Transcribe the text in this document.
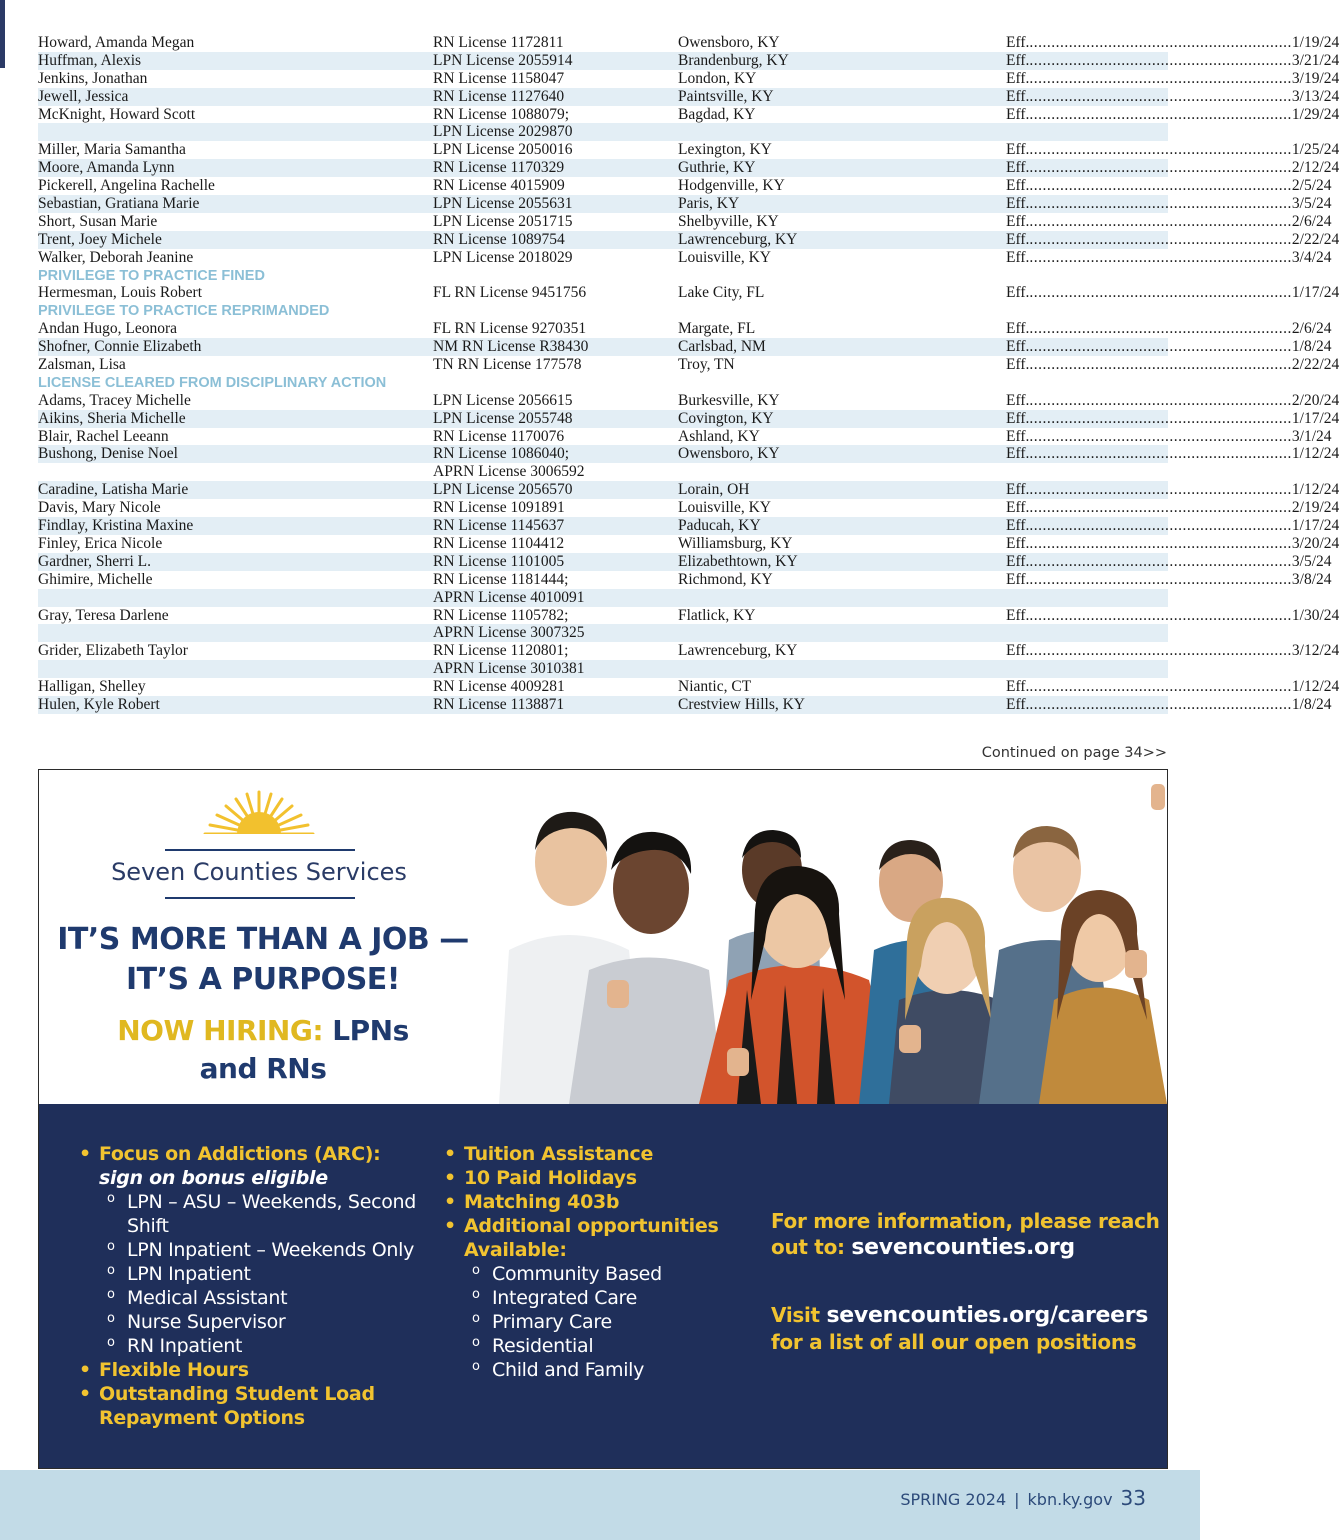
Howard, Amanda Megan	RN License 1172811	Owensboro, KY	Eff. ............................................................ 1/19/24
Huffman, Alexis	LPN License 2055914	Brandenburg, KY	Eff. ............................................................ 3/21/24
Jenkins, Jonathan	RN License 1158047	London, KY	Eff. ............................................................ 3/19/24
Jewell, Jessica	RN License 1127640	Paintsville, KY	Eff. ............................................................ 3/13/24
McKnight, Howard Scott	RN License 1088079;	Bagdad, KY	Eff. ............................................................ 1/29/24
LPN License 2029870
Miller, Maria Samantha	LPN License 2050016	Lexington, KY	Eff. ............................................................ 1/25/24
Moore, Amanda Lynn	RN License 1170329	Guthrie, KY	Eff. ............................................................ 2/12/24
Pickerell, Angelina Rachelle	RN License 4015909	Hodgenville, KY	Eff. ............................................................ 2/5/24
Sebastian, Gratiana Marie	LPN License 2055631	Paris, KY	Eff. ............................................................ 3/5/24
Short, Susan Marie	LPN License 2051715	Shelbyville, KY	Eff. ............................................................ 2/6/24
Trent, Joey Michele	RN License 1089754	Lawrenceburg, KY	Eff. ............................................................ 2/22/24
Walker, Deborah Jeanine	LPN License 2018029	Louisville, KY	Eff. ............................................................ 3/4/24
PRIVILEGE TO PRACTICE FINED
Hermesman, Louis Robert	FL RN License 9451756	Lake City, FL	Eff. ............................................................ 1/17/24
PRIVILEGE TO PRACTICE REPRIMANDED
Andan Hugo, Leonora	FL RN License 9270351	Margate, FL	Eff. ............................................................ 2/6/24
Shofner, Connie Elizabeth	NM RN License R38430	Carlsbad, NM	Eff. ............................................................ 1/8/24
Zalsman, Lisa	TN RN License 177578	Troy, TN	Eff. ............................................................ 2/22/24
LICENSE CLEARED FROM DISCIPLINARY ACTION
Adams, Tracey Michelle	LPN License 2056615	Burkesville, KY	Eff. ............................................................ 2/20/24
Aikins, Sheria Michelle	LPN License 2055748	Covington, KY	Eff. ............................................................ 1/17/24
Blair, Rachel Leeann	RN License 1170076	Ashland, KY	Eff. ............................................................ 3/1/24
Bushong, Denise Noel	RN License 1086040;	Owensboro, KY	Eff. ............................................................ 1/12/24
APRN License 3006592
Caradine, Latisha Marie	LPN License 2056570	Lorain, OH	Eff. ............................................................ 1/12/24
Davis, Mary Nicole	RN License 1091891	Louisville, KY	Eff. ............................................................ 2/19/24
Findlay, Kristina Maxine	RN License 1145637	Paducah, KY	Eff. ............................................................ 1/17/24
Finley, Erica Nicole	RN License 1104412	Williamsburg, KY	Eff. ............................................................ 3/20/24
Gardner, Sherri L.	RN License 1101005	Elizabethtown, KY	Eff. ............................................................ 3/5/24
Ghimire, Michelle	RN License 1181444;	Richmond, KY	Eff. ............................................................ 3/8/24
APRN License 4010091
Gray, Teresa Darlene	RN License 1105782;	Flatlick, KY	Eff. ............................................................ 1/30/24
APRN License 3007325
Grider, Elizabeth Taylor	RN License 1120801;	Lawrenceburg, KY	Eff. ............................................................ 3/12/24
APRN License 3010381
Halligan, Shelley	RN License 4009281	Niantic, CT	Eff. ............................................................ 1/12/24
Hulen, Kyle Robert	RN License 1138871	Crestview Hills, KY	Eff. ............................................................ 1/8/24
Continued on page 34>>
Seven Counties Services
IT’S MORE THAN A JOB —
IT’S A PURPOSE!
NOW HIRING: LPNs
and RNs
• Focus on Addictions (ARC): sign on bonus eligible
o LPN – ASU – Weekends, Second Shift
o LPN Inpatient – Weekends Only
o LPN Inpatient
o Medical Assistant
o Nurse Supervisor
o RN Inpatient
• Flexible Hours
• Outstanding Student Load Repayment Options
• Tuition Assistance
• 10 Paid Holidays
• Matching 403b
• Additional opportunities Available:
o Community Based
o Integrated Care
o Primary Care
o Residential
o Child and Family
For more information, please reach
out to: sevencounties.org
Visit sevencounties.org/careers
for a list of all our open positions
SPRING 2024 | kbn.ky.gov 33
